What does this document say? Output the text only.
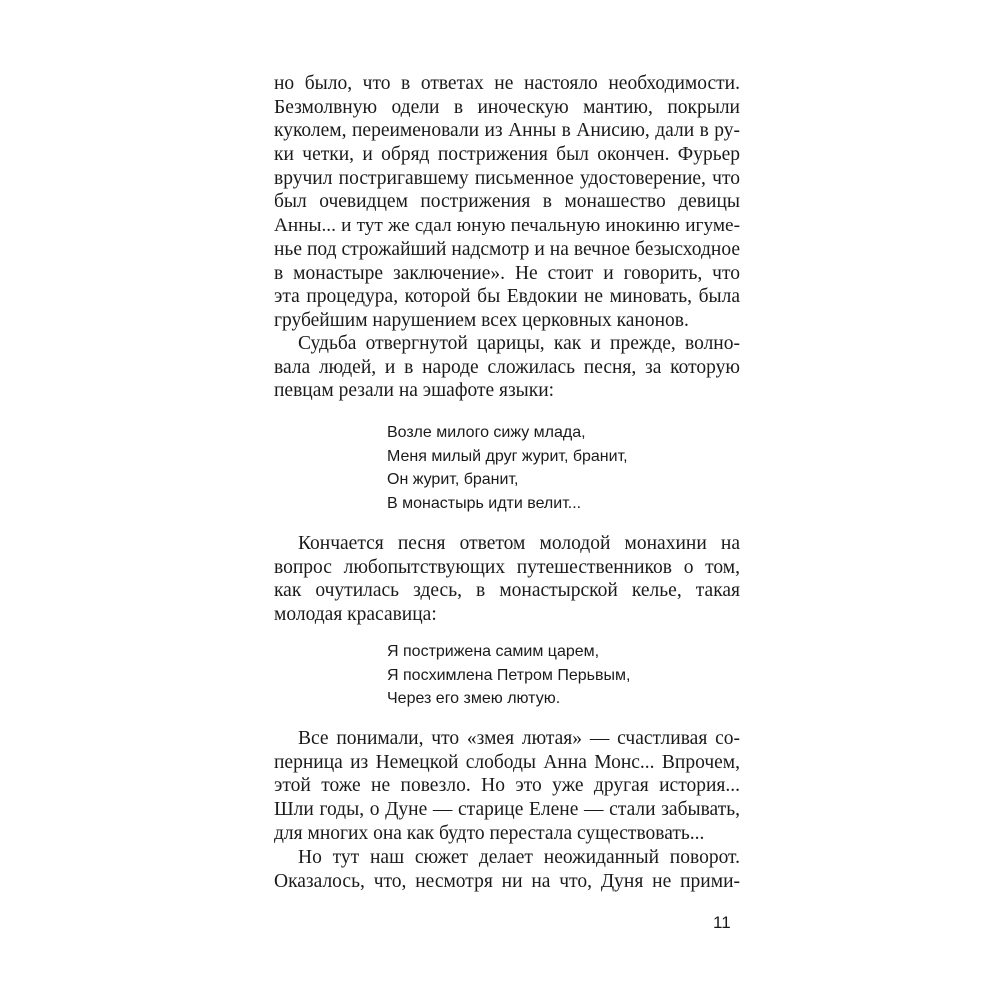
но было, что в ответах не настояло необходимости.
Безмолвную одели в иноческую мантию, покрыли
куколем, переименовали из Анны в Анисию, дали в ру-
ки четки, и обряд пострижения был окончен. Фурьер
вручил постригавшему письменное удостоверение, что
был очевидцем пострижения в монашество девицы
Анны... и тут же сдал юную печальную инокиню игуме-
нье под строжайший надсмотр и на вечное безысходное
в монастыре заключение». Не стоит и говорить, что
эта процедура, которой бы Евдокии не миновать, была
грубейшим нарушением всех церковных канонов.
Судьба отвергнутой царицы, как и прежде, волно-
вала людей, и в народе сложилась песня, за которую
певцам резали на эшафоте языки:
Возле милого сижу млада,
Меня милый друг журит, бранит,
Он журит, бранит,
В монастырь идти велит...
Кончается песня ответом молодой монахини на
вопрос любопытствующих путешественников о том,
как очутилась здесь, в монастырской келье, такая
молодая красавица:
Я пострижена самим царем,
Я посхимлена Петром Перьвым,
Через его змею лютую.
Все понимали, что «змея лютая» — счастливая со-
перница из Немецкой слободы Анна Монс... Впрочем,
этой тоже не повезло. Но это уже другая история...
Шли годы, о Дуне — старице Елене — стали забывать,
для многих она как будто перестала существовать...
Но тут наш сюжет делает неожиданный поворот.
Оказалось, что, несмотря ни на что, Дуня не прими-
11
